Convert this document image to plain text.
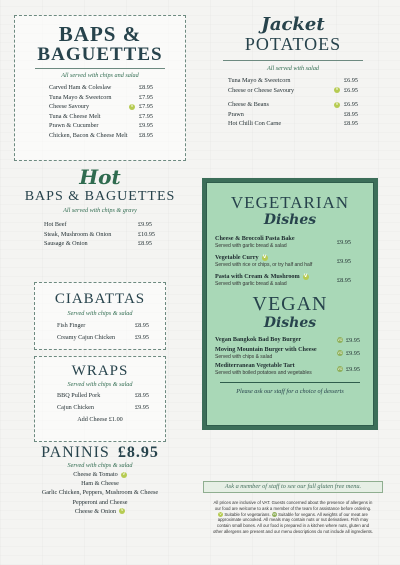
BAPS &
BAGUETTES
All served with chips and salad
Carved Ham & Coleslaw	£8.95
Tuna Mayo & Sweetcorn	£7.95
Cheese Savoury	V £7.95
Tuna & Cheese Melt	£7.95
Prawn & Cucumber	£9.95
Chicken, Bacon & Cheese Melt £8.95
Hot
BAPS & BAGUETTES
All served with chips & gravy
Hot Beef	£9.95
Steak, Mushroom & Onion	£10.95
Sausage & Onion	£8.95
CIABATTAS
Served with chips & salad
Fish Finger	£8.95
Creamy Cajun Chicken	£9.95
WRAPS
Served with chips & salad
BBQ Pulled Pork	£8.95
Cajun Chicken	£9.95
Add Cheese £1.00
PANINIS £8.95
Served with chips & salad
Cheese & Tomato V
Ham & Cheese
Garlic Chicken, Peppers, Mushroom & Cheese
Pepperoni and Cheese
Cheese & Onion V
Jacket
POTATOES
All served with salad
Tuna Mayo & Sweetcorn	£6.95
Cheese or Cheese Savoury	V £6.95
Cheese & Beans	V £6.95
Prawn	£8.95
Hot Chilli Con Carne	£8.95
VEGETARIAN
Dishes
Cheese & Broccoli Pasta Bake
Served with garlic bread & salad
£9.95
Vegetable Curry V
Served with rice or chips, or try half and half
£9.95
Pasta with Cream & Mushroom V
Served with garlic bread & salad
£8.95
VEGAN
Dishes
Vegan Bangkok Bad Boy Burger	VG £9.95
Moving Mountain Burger with Cheese
Served with chips & salad
VG £9.95
Mediterranean Vegetable Tart
Served with boiled potatoes and vegetables
VG £9.95
Please ask our staff for a choice of desserts
Ask a member of staff to see our full gluten free menu.
All prices are inclusive of VAT. Guests concerned about the presence of allergens in
our food are welcome to ask a member of the team for assistance before ordering.
V Suitable for vegetarians. VG Suitable for vegans. All weights of our meat are
approximate uncooked. All meals may contain nuts or nut derivatives. Fish may
contain small bones. All our food is prepared in a kitchen where nuts, gluten and
other allergens are present and our menu descriptions do not include all ingredients.
